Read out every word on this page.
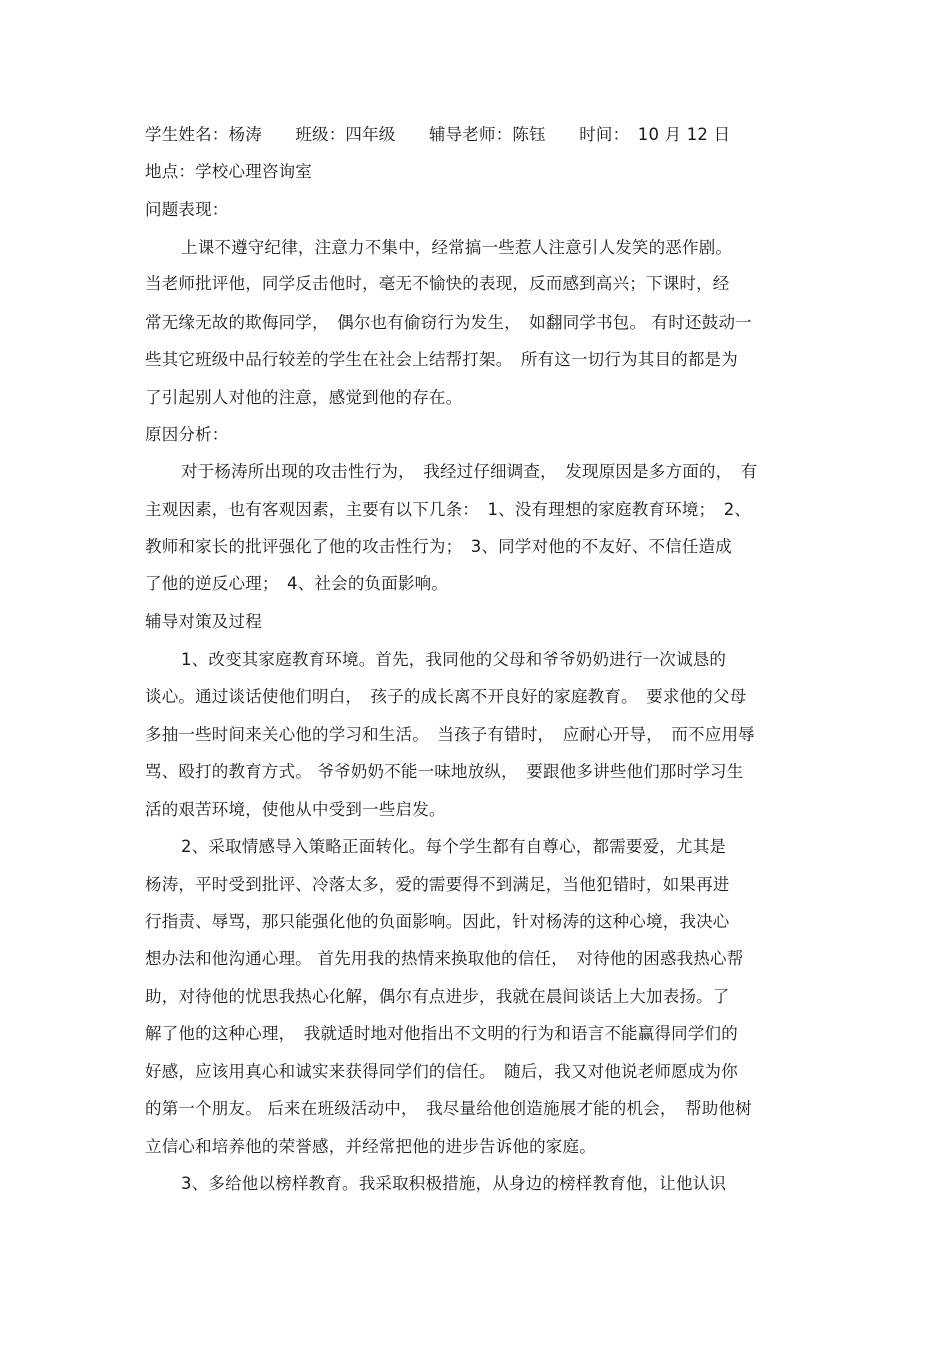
学生姓名：杨涛　　班级：四年级　　辅导老师：陈钰　　时间：　10 月 12 日
地点：学校心理咨询室
问题表现：
上课不遵守纪律，注意力不集中，经常搞一些惹人注意引人发笑的恶作剧。
当老师批评他，同学反击他时，毫无不愉快的表现，反而感到高兴；下课时，经
常无缘无故的欺侮同学，　偶尔也有偷窃行为发生，　如翻同学书包。 有时还鼓动一
些其它班级中品行较差的学生在社会上结帮打架。　所有这一切行为其目的都是为
了引起别人对他的注意，感觉到他的存在。
原因分析：
对于杨涛所出现的攻击性行为，　我经过仔细调查，　发现原因是多方面的，　有
主观因素，也有客观因素，主要有以下几条：　1、没有理想的家庭教育环境；　2、
教师和家长的批评强化了他的攻击性行为；　3、同学对他的不友好、不信任造成
了他的逆反心理；　4、社会的负面影响。
辅导对策及过程
1、改变其家庭教育环境。首先，我同他的父母和爷爷奶奶进行一次诚恳的
谈心。通过谈话使他们明白，　孩子的成长离不开良好的家庭教育。　要求他的父母
多抽一些时间来关心他的学习和生活。　当孩子有错时，　应耐心开导，　而不应用辱
骂、殴打的教育方式。 爷爷奶奶不能一味地放纵，　要跟他多讲些他们那时学习生
活的艰苦环境，使他从中受到一些启发。
2、采取情感导入策略正面转化。每个学生都有自尊心，都需要爱，尤其是
杨涛，平时受到批评、冷落太多，爱的需要得不到满足，当他犯错时，如果再进
行指责、辱骂，那只能强化他的负面影响。因此，针对杨涛的这种心境，我决心
想办法和他沟通心理。 首先用我的热情来换取他的信任，　对待他的困惑我热心帮
助，对待他的忧思我热心化解，偶尔有点进步，我就在晨间谈话上大加表扬。了
解了他的这种心理，　我就适时地对他指出不文明的行为和语言不能赢得同学们的
好感，应该用真心和诚实来获得同学们的信任。　随后，我又对他说老师愿成为你
的第一个朋友。 后来在班级活动中，　我尽量给他创造施展才能的机会，　帮助他树
立信心和培养他的荣誉感，并经常把他的进步告诉他的家庭。
3、多给他以榜样教育。我采取积极措施，从身边的榜样教育他，让他认识
